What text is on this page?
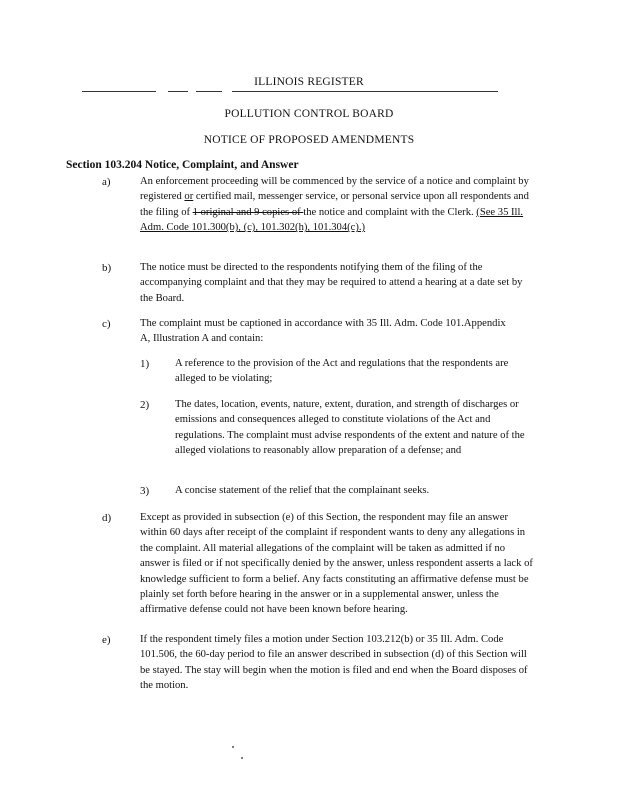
ILLINOIS REGISTER
POLLUTION CONTROL BOARD
NOTICE OF PROPOSED AMENDMENTS
Section 103.204 Notice, Complaint, and Answer
a)	An enforcement proceeding will be commenced by the service of a notice and complaint by registered or certified mail, messenger service, or personal service upon all respondents and the filing of 1 original and 9 copies of the notice and complaint with the Clerk. (See 35 Ill. Adm. Code 101.300(b), (c), 101.302(h), 101.304(c).)
b)	The notice must be directed to the respondents notifying them of the filing of the accompanying complaint and that they may be required to attend a hearing at a date set by the Board.
c)	The complaint must be captioned in accordance with 35 Ill. Adm. Code 101.Appendix A, Illustration A and contain:
1) A reference to the provision of the Act and regulations that the respondents are alleged to be violating;
2) The dates, location, events, nature, extent, duration, and strength of discharges or emissions and consequences alleged to constitute violations of the Act and regulations. The complaint must advise respondents of the extent and nature of the alleged violations to reasonably allow preparation of a defense; and
3) A concise statement of the relief that the complainant seeks.
d)	Except as provided in subsection (e) of this Section, the respondent may file an answer within 60 days after receipt of the complaint if respondent wants to deny any allegations in the complaint. All material allegations of the complaint will be taken as admitted if no answer is filed or if not specifically denied by the answer, unless respondent asserts a lack of knowledge sufficient to form a belief. Any facts constituting an affirmative defense must be plainly set forth before hearing in the answer or in a supplemental answer, unless the affirmative defense could not have been known before hearing.
e)	If the respondent timely files a motion under Section 103.212(b) or 35 Ill. Adm. Code 101.506, the 60-day period to file an answer described in subsection (d) of this Section will be stayed. The stay will begin when the motion is filed and end when the Board disposes of the motion.
